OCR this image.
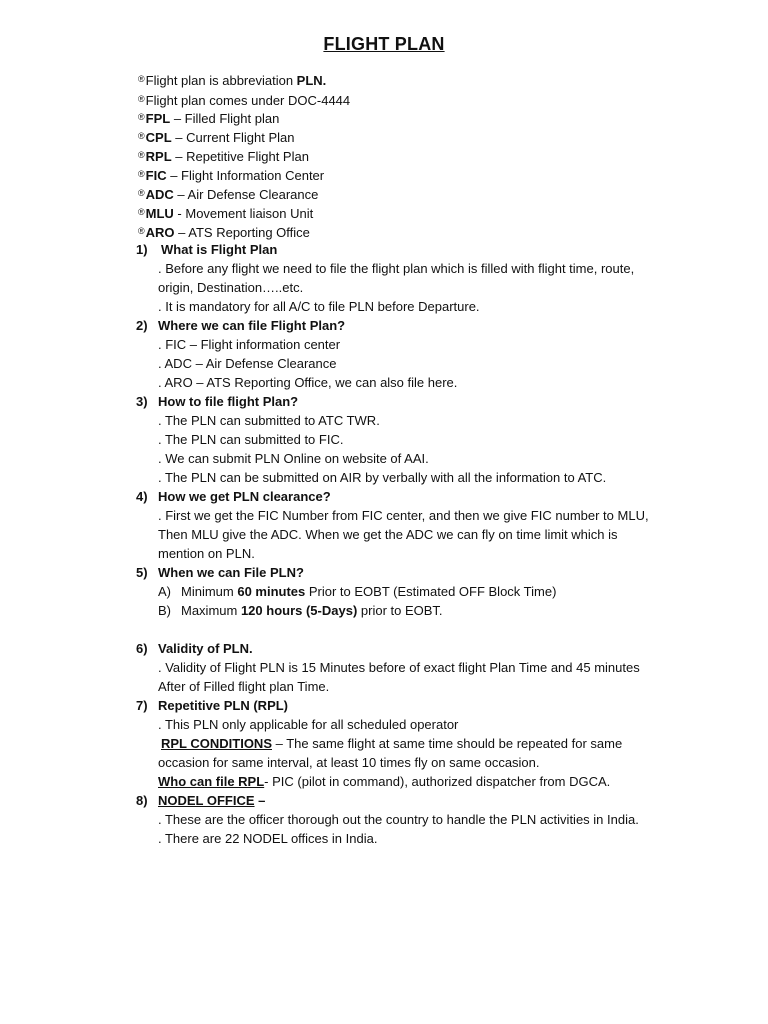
FLIGHT PLAN
®Flight plan is abbreviation PLN.
®Flight plan comes under DOC-4444
®FPL – Filled Flight plan
®CPL – Current Flight Plan
®RPL – Repetitive Flight Plan
®FIC – Flight Information Center
®ADC – Air Defense Clearance
®MLU - Movement liaison Unit
®ARO – ATS Reporting Office
1) What is Flight Plan
. Before any flight we need to file the flight plan which is filled with flight time, route,
origin, Destination…..etc.
. It is mandatory for all A/C to file PLN before Departure.
2) Where we can file Flight Plan?
. FIC – Flight information center
. ADC – Air Defense Clearance
. ARO – ATS Reporting Office, we can also file here.
3) How to file flight Plan?
. The PLN can submitted to ATC TWR.
. The PLN can submitted to FIC.
. We can submit PLN Online on website of AAI.
. The PLN can be submitted on AIR by verbally with all the information to ATC.
4) How we get PLN clearance?
. First we get the FIC Number from FIC center, and then we give FIC number to MLU,
Then MLU give the ADC. When we get the ADC we can fly on time limit which is
mention on PLN.
5) When we can File PLN?
A) Minimum 60 minutes Prior to EOBT (Estimated OFF Block Time)
B) Maximum 120 hours (5-Days) prior to EOBT.
6) Validity of PLN.
. Validity of Flight PLN is 15 Minutes before of exact flight Plan Time and 45 minutes
After of Filled flight plan Time.
7) Repetitive PLN (RPL)
. This PLN only applicable for all scheduled operator
RPL CONDITIONS – The same flight at same time should be repeated for same
occasion for same interval, at least 10 times fly on same occasion.
Who can file RPL- PIC (pilot in command), authorized dispatcher from DGCA.
8) NODEL OFFICE –
. These are the officer thorough out the country to handle the PLN activities in India.
. There are 22 NODEL offices in India.
